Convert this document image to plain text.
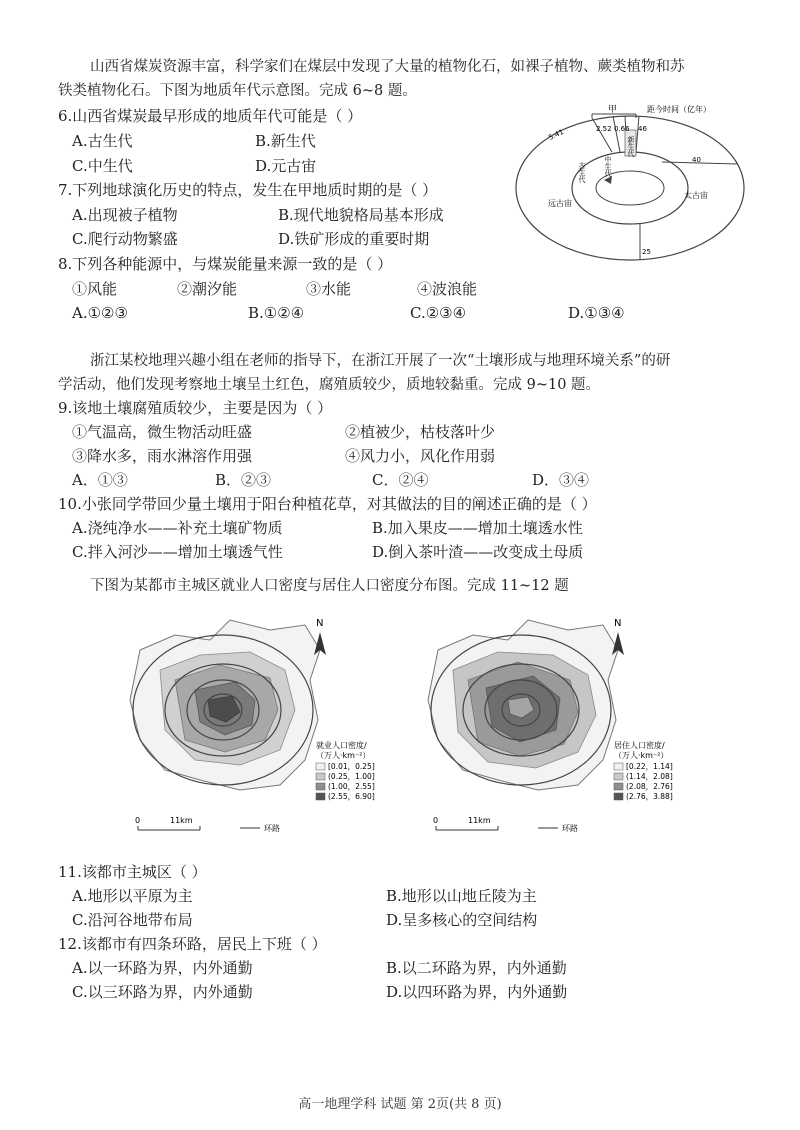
山西省煤炭资源丰富，科学家们在煤层中发现了大量的植物化石，如裸子植物、蕨类植物和苏
铁类植物化石。下图为地质年代示意图。完成 6~8 题。
6.山西省煤炭最早形成的地质年代可能是（ ）
A.古生代	B.新生代
C.中生代	D.元古宙
7.下列地球演化历史的特点，发生在甲地质时期的是（ ）
A.出现被子植物	B.现代地貌格局基本形成
C.爬行动物繁盛	D.铁矿形成的重要时期
8.下列各种能源中，与煤炭能量来源一致的是（ ）
①风能	②潮汐能	③水能	④波浪能
A.①②③	B.①②④	C.②③④	D.①③④
甲	距今时间（亿年）
5.41	2.52 0.66 46
40
25
古生代	中生代
新生代
远古宙
太古宙
浙江某校地理兴趣小组在老师的指导下，在浙江开展了一次“土壤形成与地理环境关系”的研
学活动，他们发现考察地土壤呈土红色，腐殖质较少，质地较黏重。完成 9~10 题。
9.该地土壤腐殖质较少，主要是因为（ ）
①气温高，微生物活动旺盛	②植被少，枯枝落叶少
③降水多，雨水淋溶作用强	④风力小，风化作用弱
A．①③	B．②③	C．②④	D．③④
10.小张同学带回少量土壤用于阳台种植花草，对其做法的目的阐述正确的是（ ）
A.浇纯净水——补充土壤矿物质	B.加入果皮——增加土壤透水性
C.拌入河沙——增加土壤透气性	D.倒入茶叶渣——改变成土母质
下图为某都市主城区就业人口密度与居住人口密度分布图。完成 11~12 题
N
就业人口密度/
（万人·km⁻²）
[0.01，0.25]
(0.25，1.00]
(1.00，2.55]
(2.55，6.90]
0	11km
环路
N
居住人口密度/
（万人·km⁻²）
[0.22，1.14]
(1.14，2.08]
(2.08，2.76]
(2.76，3.88]
0	11km
环路
11.该都市主城区（ ）
A.地形以平原为主	B.地形以山地丘陵为主
C.沿河谷地带布局	D.呈多核心的空间结构
12.该都市有四条环路，居民上下班（ ）
A.以一环路为界，内外通勤	B.以二环路为界，内外通勤
C.以三环路为界，内外通勤	D.以四环路为界，内外通勤
高一地理学科 试题 第 2页(共 8 页)
